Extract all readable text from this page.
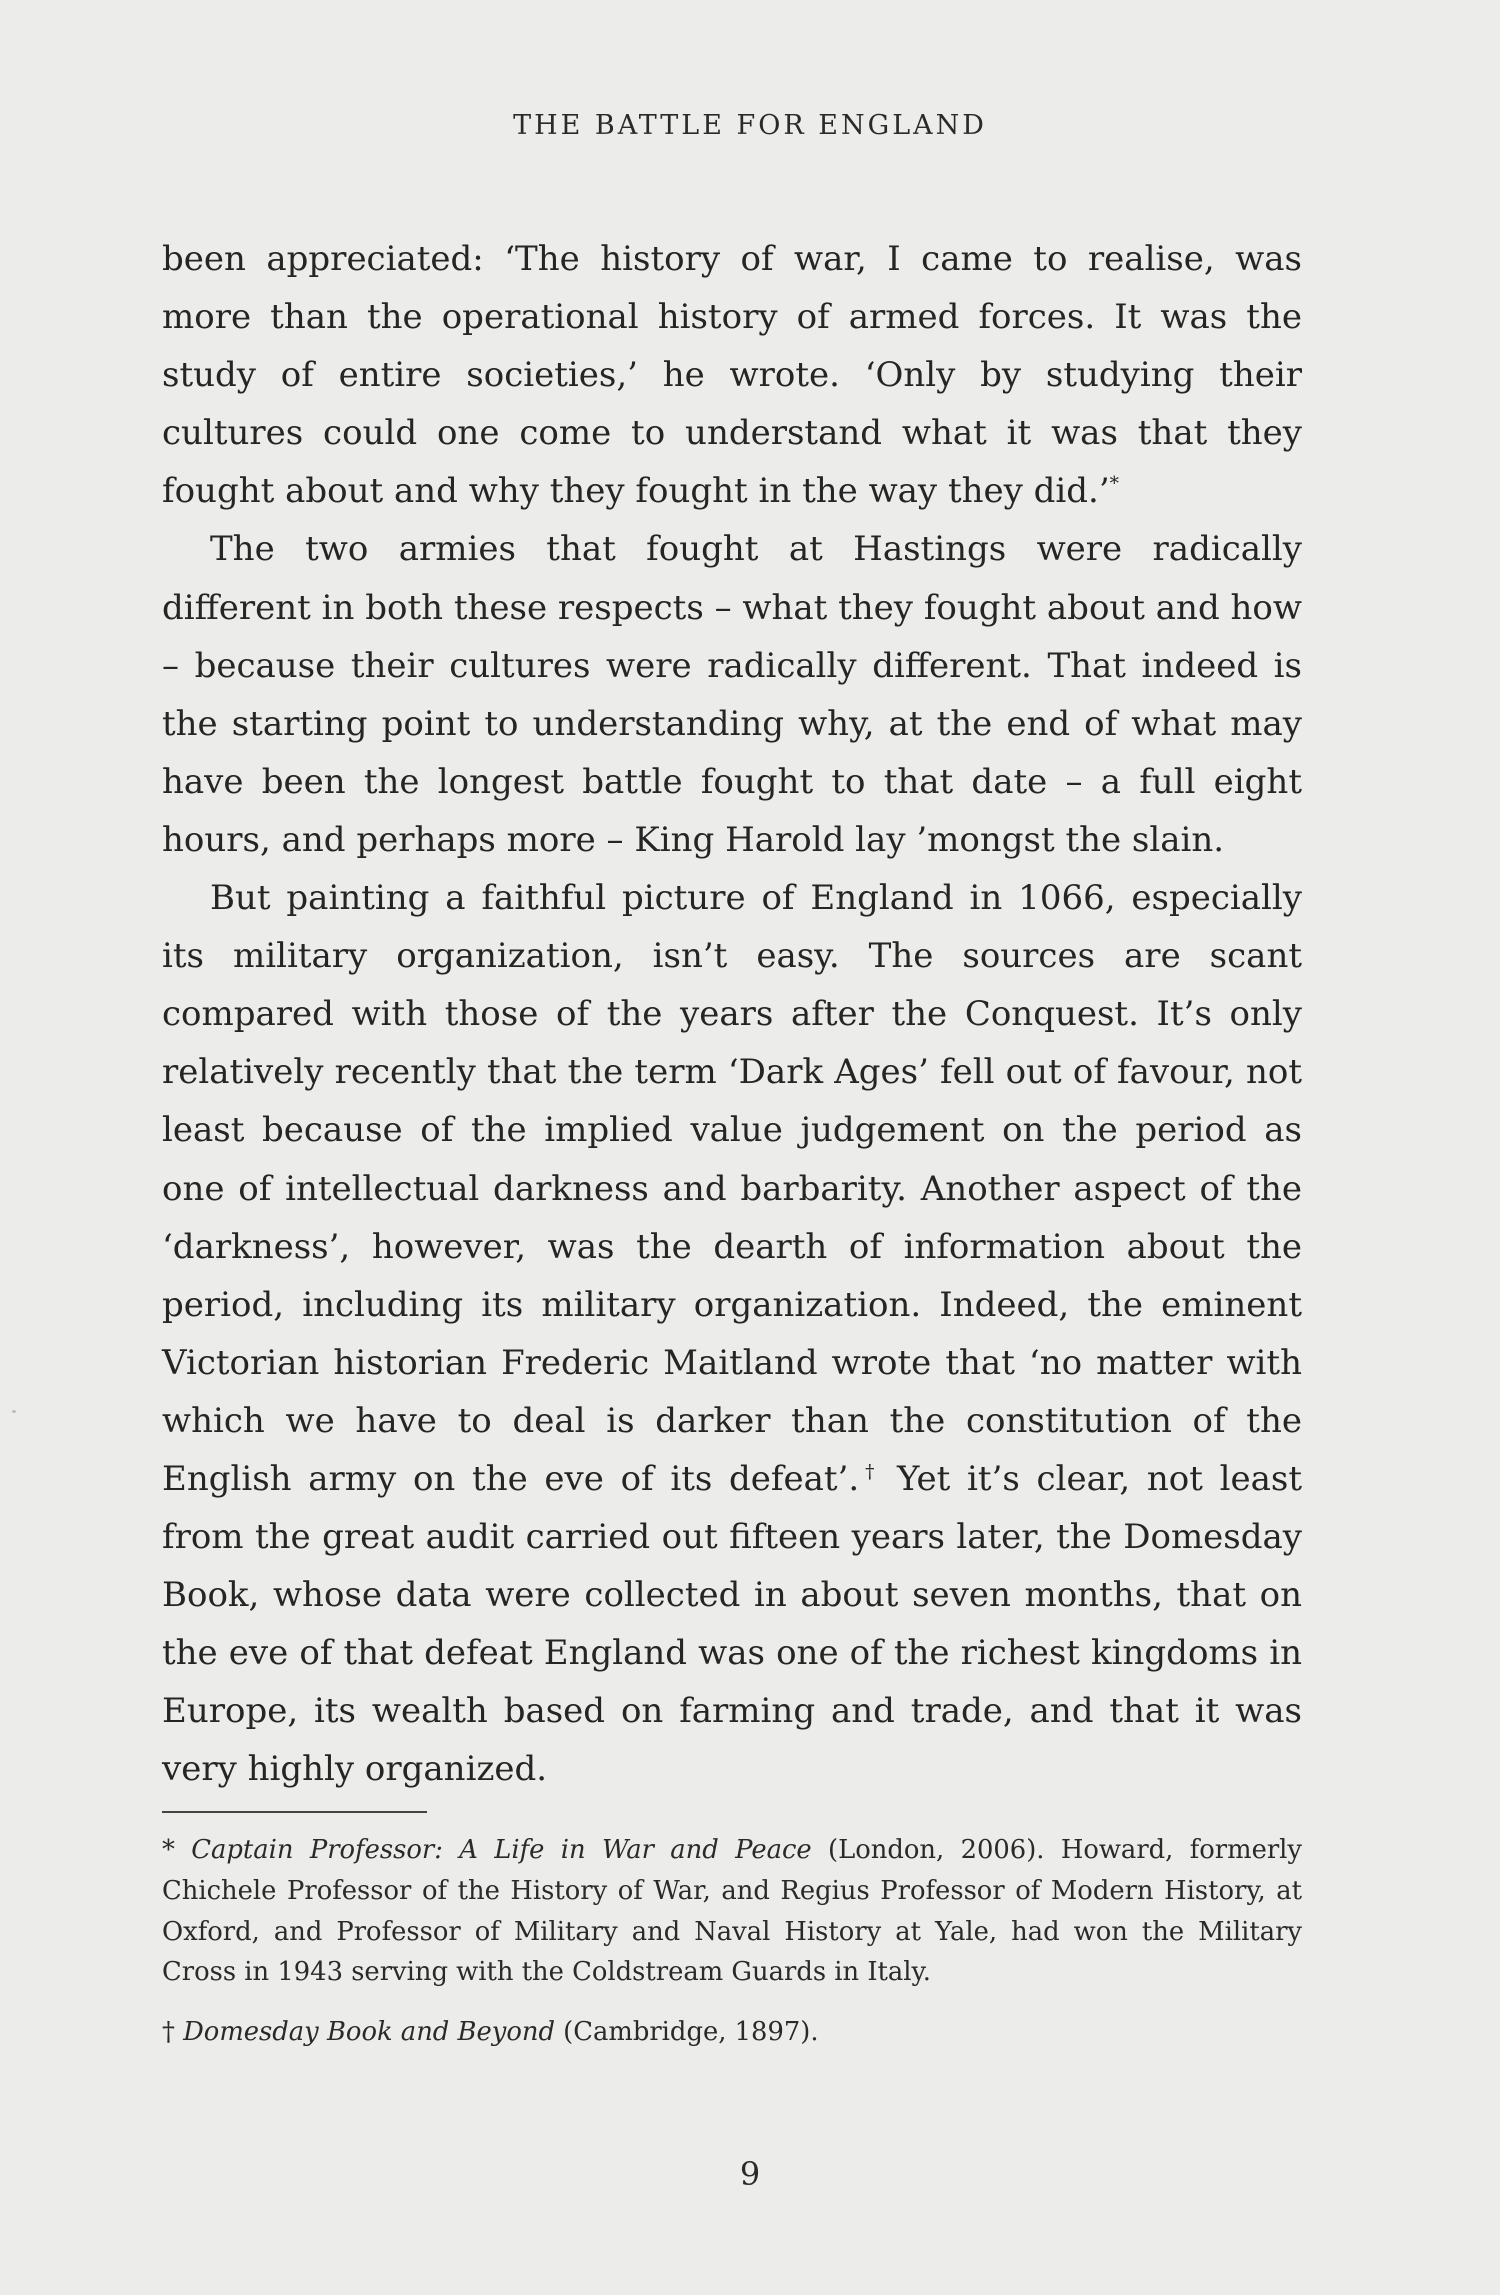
THE BATTLE FOR ENGLAND

been appreciated: ‘The history of war, I came to realise, was more than the operational history of armed forces. It was the study of entire societies,’ he wrote. ‘Only by studying their cultures could one come to understand what it was that they fought about and why they fought in the way they did.’*

The two armies that fought at Hastings were radically different in both these respects – what they fought about and how – because their cultures were radically different. That indeed is the starting point to understanding why, at the end of what may have been the longest battle fought to that date – a full eight hours, and perhaps more – King Harold lay ’mongst the slain.

But painting a faithful picture of England in 1066, especially its military organization, isn’t easy. The sources are scant compared with those of the years after the Conquest. It’s only relatively recently that the term ‘Dark Ages’ fell out of favour, not least because of the implied value judgement on the period as one of intellectual darkness and barbarity. Another aspect of the ‘darkness’, however, was the dearth of information about the period, including its military organization. Indeed, the eminent Victorian historian Frederic Maitland wrote that ‘no matter with which we have to deal is darker than the constitution of the English army on the eve of its defeat’.† Yet it’s clear, not least from the great audit carried out fifteen years later, the Domesday Book, whose data were collected in about seven months, that on the eve of that defeat England was one of the richest kingdoms in Europe, its wealth based on farming and trade, and that it was very highly organized.

* Captain Professor: A Life in War and Peace (London, 2006). Howard, formerly Chichele Professor of the History of War, and Regius Professor of Modern History, at Oxford, and Professor of Military and Naval History at Yale, had won the Military Cross in 1943 serving with the Coldstream Guards in Italy.

† Domesday Book and Beyond (Cambridge, 1897).

9
